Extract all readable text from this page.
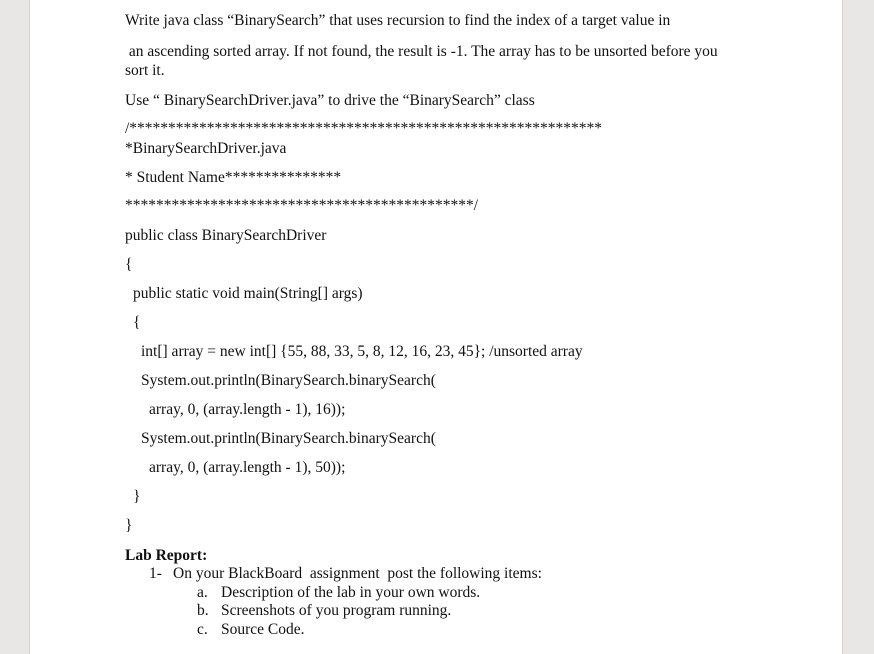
Write java class “BinarySearch” that uses recursion to find the index of a target value in
an ascending sorted array. If not found, the result is -1. The array has to be unsorted before you
sort it.
Use “ BinarySearchDriver.java” to drive the “BinarySearch” class
/*************************************************************
*BinarySearchDriver.java
* Student Name***************
*********************************************/
public class BinarySearchDriver
{
public static void main(String[] args)
{
int[] array = new int[] {55, 88, 33, 5, 8, 12, 16, 23, 45}; /unsorted array
System.out.println(BinarySearch.binarySearch(
array, 0, (array.length - 1), 16));
System.out.println(BinarySearch.binarySearch(
array, 0, (array.length - 1), 50));
}
}
Lab Report:
1- On your BlackBoard  assignment  post the following items:
a. Description of the lab in your own words.
b. Screenshots of you program running.
c. Source Code.
